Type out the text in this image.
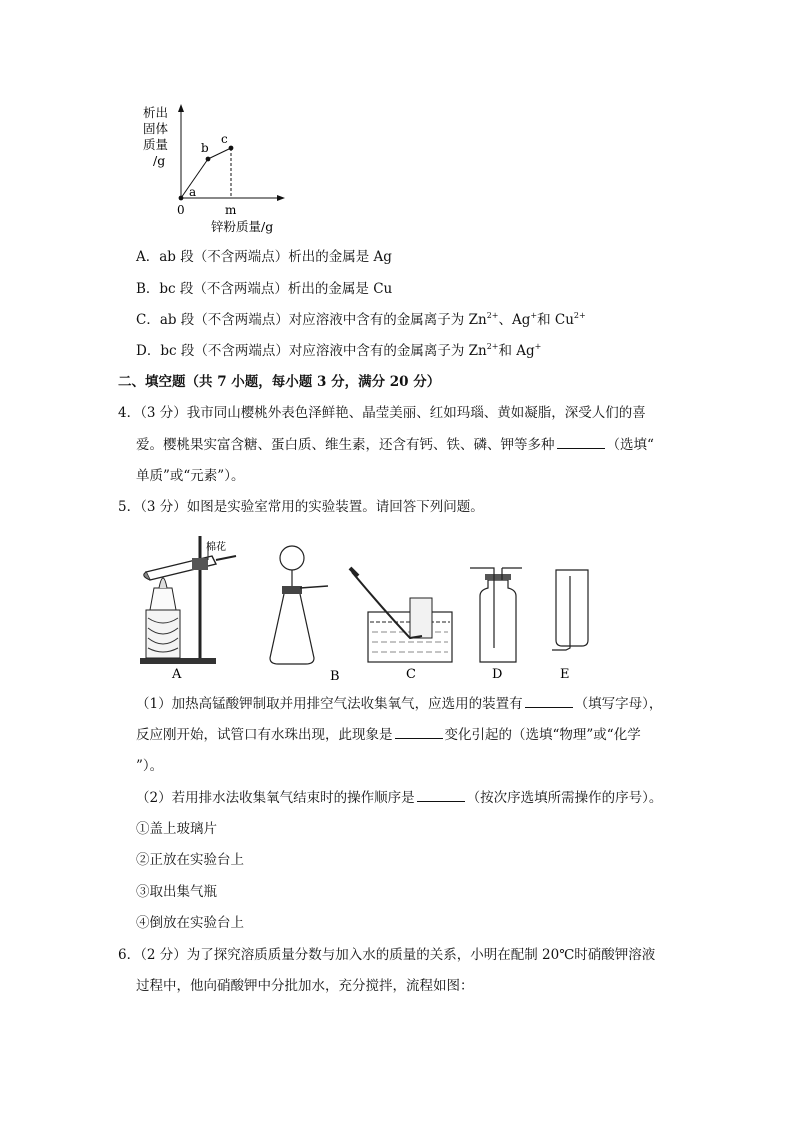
析出
固体
质量
/g
a
b
c
0	m
锌粉质量/g
A．ab 段（不含两端点）析出的金属是 Ag
B．bc 段（不含两端点）析出的金属是 Cu
C．ab 段（不含两端点）对应溶液中含有的金属离子为 $Zn^{2+}$、Ag+和 $Cu^{2+}$
D．bc 段（不含两端点）对应溶液中含有的金属离子为 $Zn^{2+}$和 Ag+
二、填空题（共 7 小题，每小题 3 分，满分 20 分）
4．（3 分）我市同山樱桃外表色泽鲜艳、晶莹美丽、红如玛瑙、黄如凝脂，深受人们的喜
爱。樱桃果实富含糖、蛋白质、维生素，还含有钙、铁、磷、钾等多种	（选填“
单质”或“元素”）。
5．（3 分）如图是实验室常用的实验装置。请回答下列问题。
棉花
A	B	C	D	E
（1）加热高锰酸钾制取并用排空气法收集氧气，应选用的装置有	（填写字母），
反应刚开始，试管口有水珠出现，此现象是	变化引起的（选填“物理”或“化学
”）。
（2）若用排水法收集氧气结束时的操作顺序是	（按次序选填所需操作的序号）。
①盖上玻璃片
②正放在实验台上
③取出集气瓶
④倒放在实验台上
6．（2 分）为了探究溶质质量分数与加入水的质量的关系，小明在配制 20℃时硝酸钾溶液
过程中，他向硝酸钾中分批加水，充分搅拌，流程如图：
